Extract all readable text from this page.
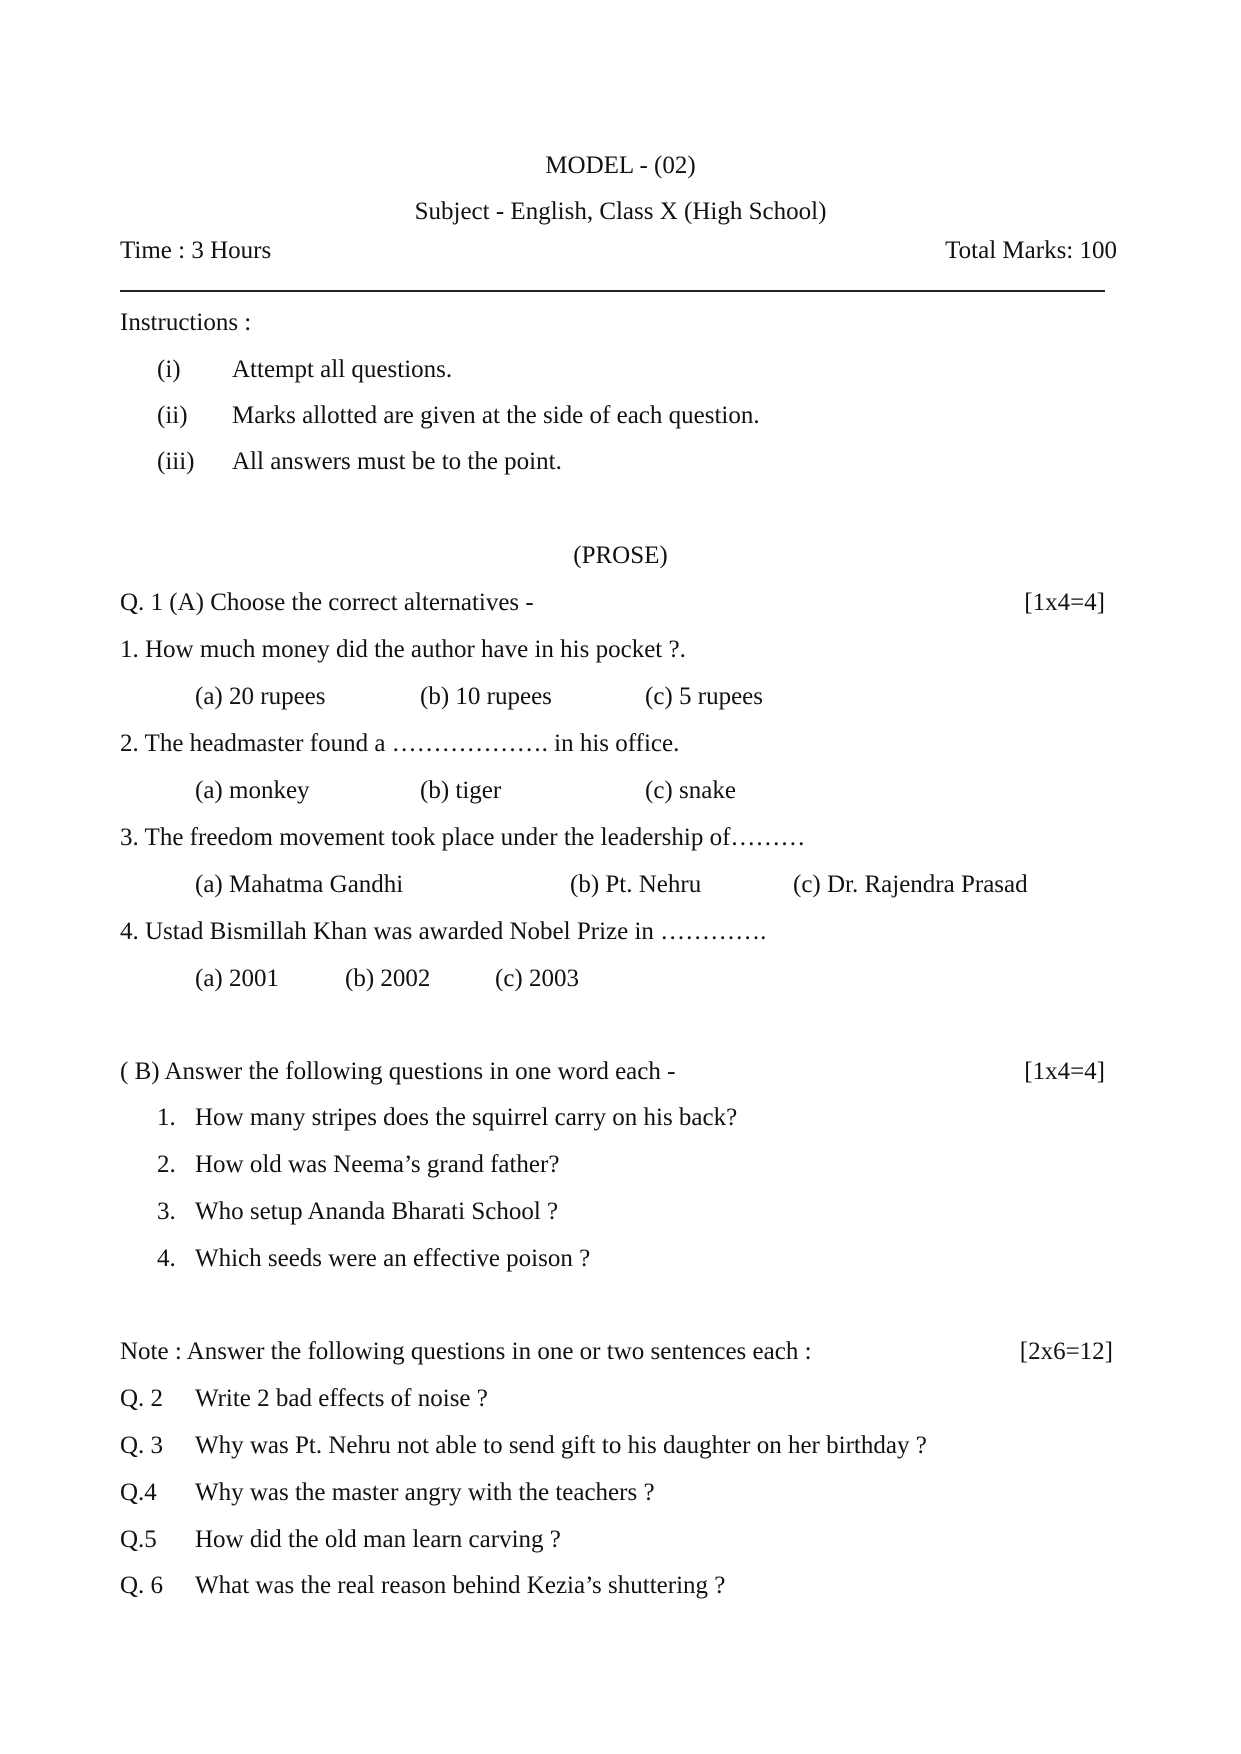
MODEL - (02)
Subject - English, Class X (High School)
Time : 3 Hours	Total Marks: 100
Instructions :
(i) Attempt all questions.
(ii) Marks allotted are given at the side of each question.
(iii) All answers must be to the point.
(PROSE)
Q. 1 (A) Choose the correct alternatives -	[1x4=4]
1. How much money did the author have in his pocket ?.
(a) 20 rupees	(b) 10 rupees	(c) 5 rupees
2. The headmaster found a ………………. in his office.
(a) monkey	(b) tiger	(c) snake
3. The freedom movement took place under the leadership of………
(a) Mahatma Gandhi	(b) Pt. Nehru	(c) Dr. Rajendra Prasad
4. Ustad Bismillah Khan was awarded Nobel Prize in ………….
(a) 2001	(b) 2002	(c) 2003
( B) Answer the following questions in one word each -	[1x4=4]
1. How many stripes does the squirrel carry on his back?
2. How old was Neema’s grand father?
3. Who setup Ananda Bharati School ?
4. Which seeds were an effective poison ?
Note : Answer the following questions in one or two sentences each :	[2x6=12]
Q. 2 Write 2 bad effects of noise ?
Q. 3 Why was Pt. Nehru not able to send gift to his daughter on her birthday ?
Q.4 Why was the master angry with the teachers ?
Q.5 How did the old man learn carving ?
Q. 6 What was the real reason behind Kezia’s shuttering ?
